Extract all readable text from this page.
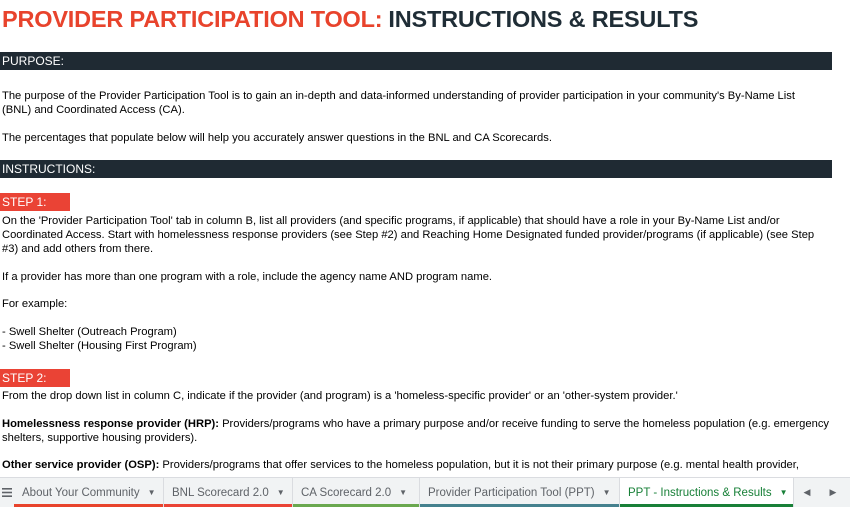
PROVIDER PARTICIPATION TOOL: INSTRUCTIONS & RESULTS
PURPOSE:
The purpose of the Provider Participation Tool is to gain an in-depth and data-informed understanding of provider participation in your community's By-Name List
(BNL) and Coordinated Access (CA).
The percentages that populate below will help you accurately answer questions in the BNL and CA Scorecards.
INSTRUCTIONS:
STEP 1:
On the 'Provider Participation Tool' tab in column B, list all providers (and specific programs, if applicable) that should have a role in your By-Name List and/or
Coordinated Access. Start with homelessness response providers (see Step #2) and Reaching Home Designated funded provider/programs (if applicable) (see Step
#3) and add others from there.
If a provider has more than one program with a role, include the agency name AND program name.
For example:
- Swell Shelter (Outreach Program)
- Swell Shelter (Housing First Program)
STEP 2:
From the drop down list in column C, indicate if the provider (and program) is a 'homeless-specific provider' or an 'other-system provider.'
Homelessness response provider (HRP): Providers/programs who have a primary purpose and/or receive funding to serve the homeless population (e.g. emergency
shelters, supportive housing providers).
Other service provider (OSP): Providers/programs that offer services to the homeless population, but it is not their primary purpose (e.g. mental health provider,
About Your Community ▼ BNL Scorecard 2.0 ▼ CA Scorecard 2.0 ▼ Provider Participation Tool (PPT) ▼ PPT - Instructions & Results ▼ ◀ ▶
